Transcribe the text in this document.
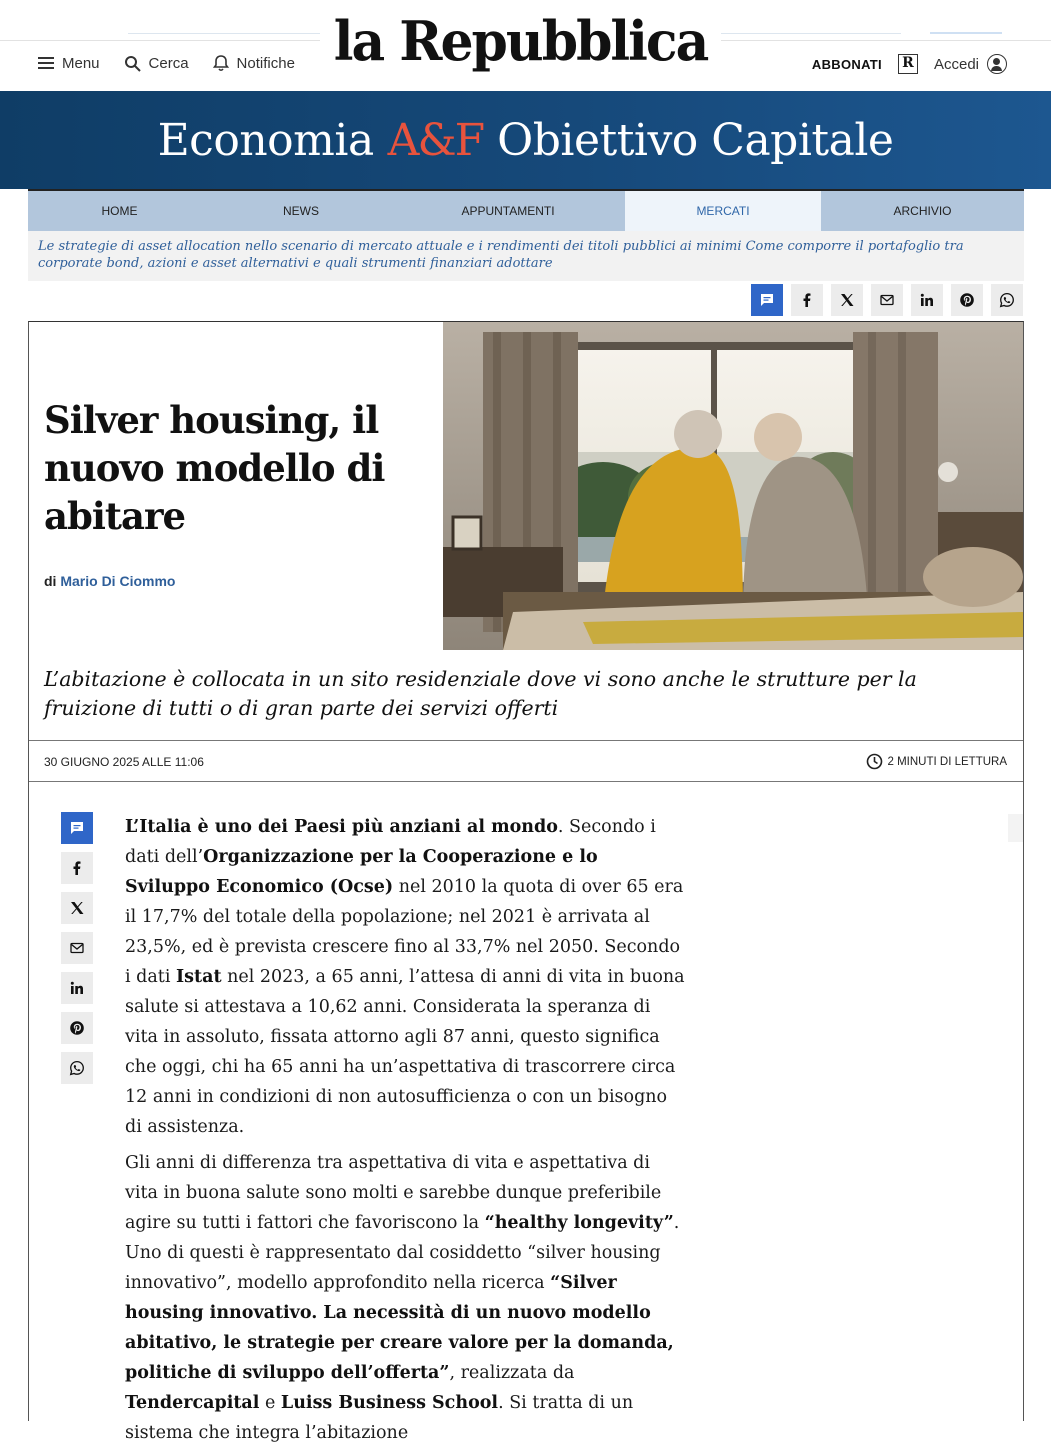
la Repubblica
Menu	Cerca	Notifiche	ABBONATI R Accedi
Economia A&F Obiettivo Capitale
HOME	NEWS	APPUNTAMENTI	MERCATI	ARCHIVIO
Le strategie di asset allocation nello scenario di mercato attuale e i rendimenti dei titoli pubblici ai minimi Come comporre il portafoglio tra corporate bond, azioni e asset alternativi e quali strumenti finanziari adottare
Silver housing, il nuovo modello di abitare
di Mario Di Ciommo

L’abitazione è collocata in un sito residenziale dove vi sono anche le strutture per la fruizione di tutti o di gran parte dei servizi offerti

30 GIUGNO 2025 ALLE 11:06	2 MINUTI DI LETTURA

L’Italia è uno dei Paesi più anziani al mondo. Secondo i dati dell’Organizzazione per la Cooperazione e lo Sviluppo Economico (Ocse) nel 2010 la quota di over 65 era il 17,7% del totale della popolazione; nel 2021 è arrivata al 23,5%, ed è prevista crescere fino al 33,7% nel 2050. Secondo i dati Istat nel 2023, a 65 anni, l’attesa di anni di vita in buona salute si attestava a 10,62 anni. Considerata la speranza di vita in assoluto, fissata attorno agli 87 anni, questo significa che oggi, chi ha 65 anni ha un’aspettativa di trascorrere circa 12 anni in condizioni di non autosufficienza o con un bisogno di assistenza.

Gli anni di differenza tra aspettativa di vita e aspettativa di vita in buona salute sono molti e sarebbe dunque preferibile agire su tutti i fattori che favoriscono la “healthy longevity”. Uno di questi è rappresentato dal cosiddetto “silver housing innovativo”, modello approfondito nella ricerca “Silver housing innovativo. La necessità di un nuovo modello abitativo, le strategie per creare valore per la domanda, politiche di sviluppo dell’offerta”, realizzata da Tendercapital e Luiss Business School. Si tratta di un sistema che integra l’abitazione
